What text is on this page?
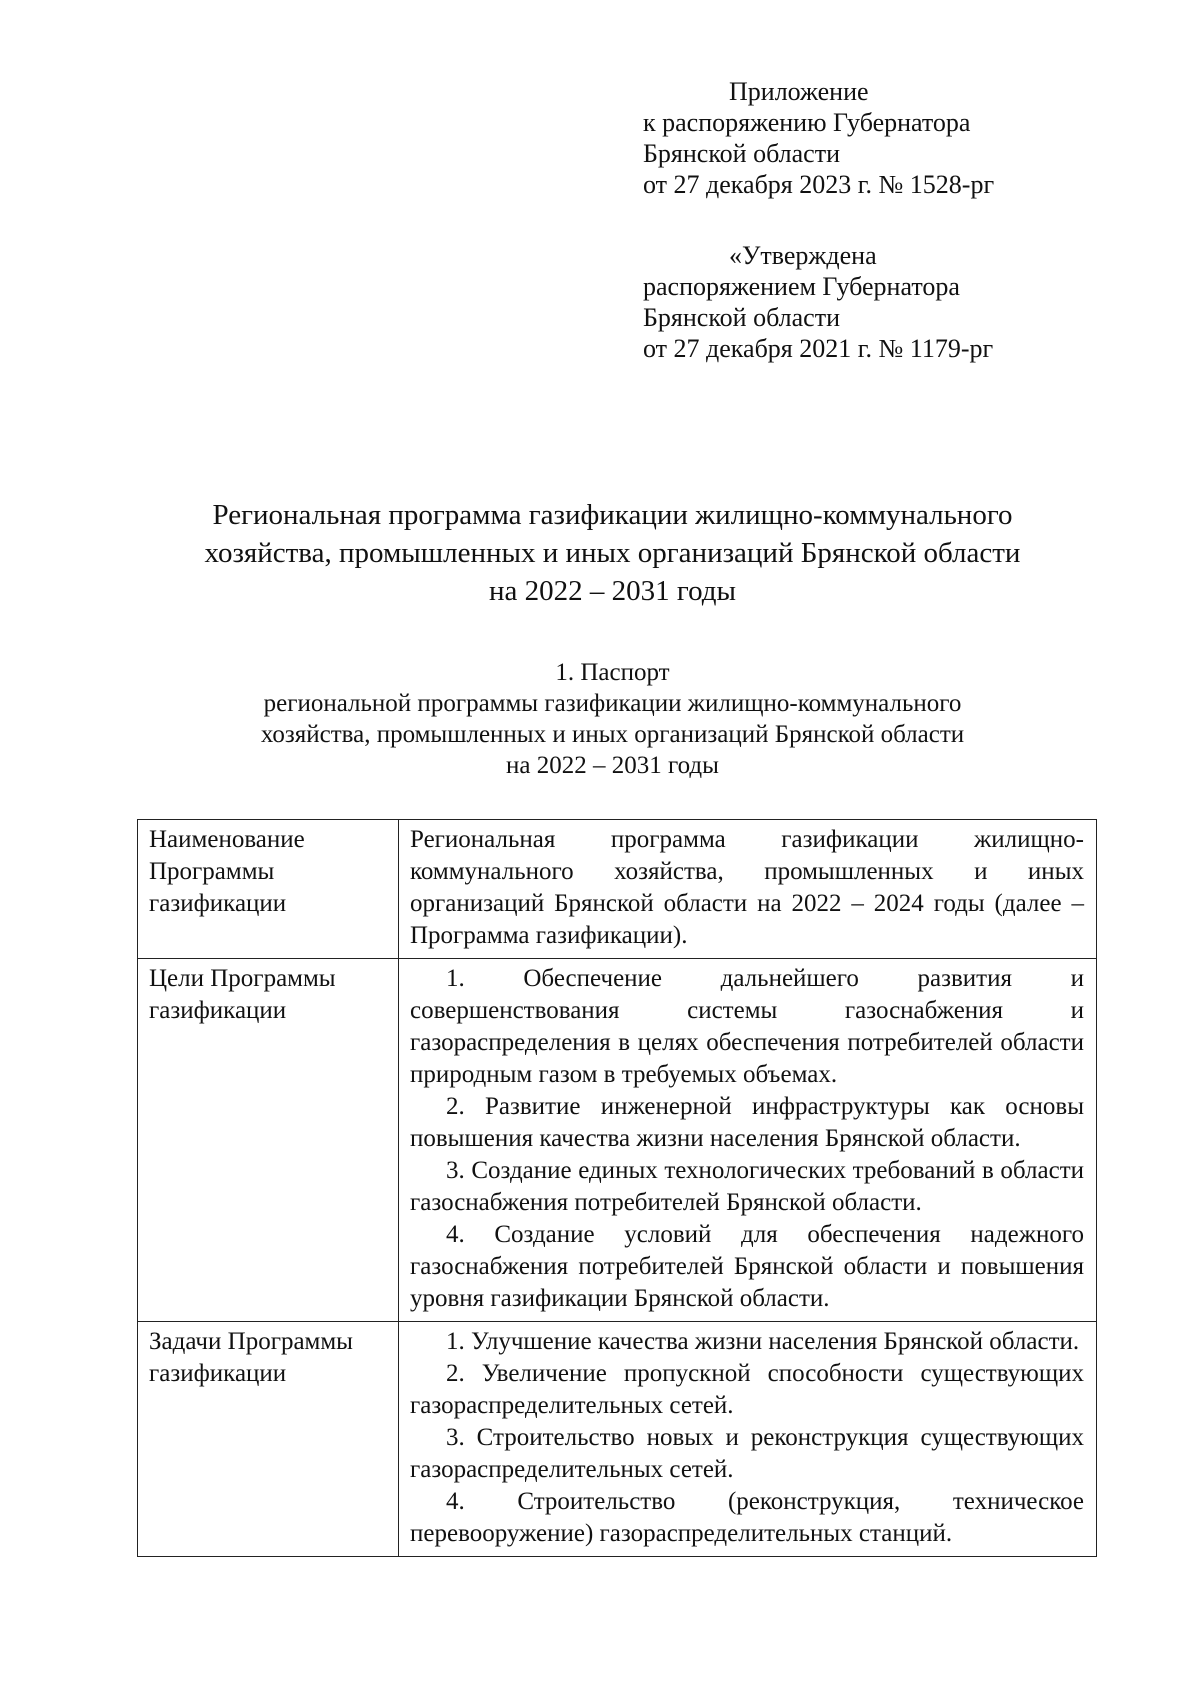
Приложение
к распоряжению Губернатора
Брянской области
от 27 декабря 2023 г. № 1528-рг
«Утверждена
распоряжением Губернатора
Брянской области
от 27 декабря 2021 г. № 1179-рг
Региональная программа газификации жилищно-коммунального
хозяйства, промышленных и иных организаций Брянской области
на 2022 – 2031 годы
1. Паспорт
региональной программы газификации жилищно-коммунального
хозяйства, промышленных и иных организаций Брянской области
на 2022 – 2031 годы
Наименование Программы газификации	Региональная программа газификации жилищно-коммунального хозяйства, промышленных и иных организаций Брянской области на 2022 – 2024 годы (далее – Программа газификации).

Цели Программы газификации	1. Обеспечение дальнейшего развития и совершенствования системы газоснабжения и газораспределения в целях обеспечения потребителей области природным газом в требуемых объемах.

2. Развитие инженерной инфраструктуры как основы повышения качества жизни населения Брянской области.

3. Создание единых технологических требований в области газоснабжения потребителей Брянской области.

4. Создание условий для обеспечения надежного газоснабжения потребителей Брянской области и повышения уровня газификации Брянской области.

Задачи Программы газификации	1. Улучшение качества жизни населения Брянской области.

2. Увеличение пропускной способности существующих газораспределительных сетей.

3. Строительство новых и реконструкция существующих газораспределительных сетей.

4. Строительство (реконструкция, техническое перевооружение) газораспределительных станций.
